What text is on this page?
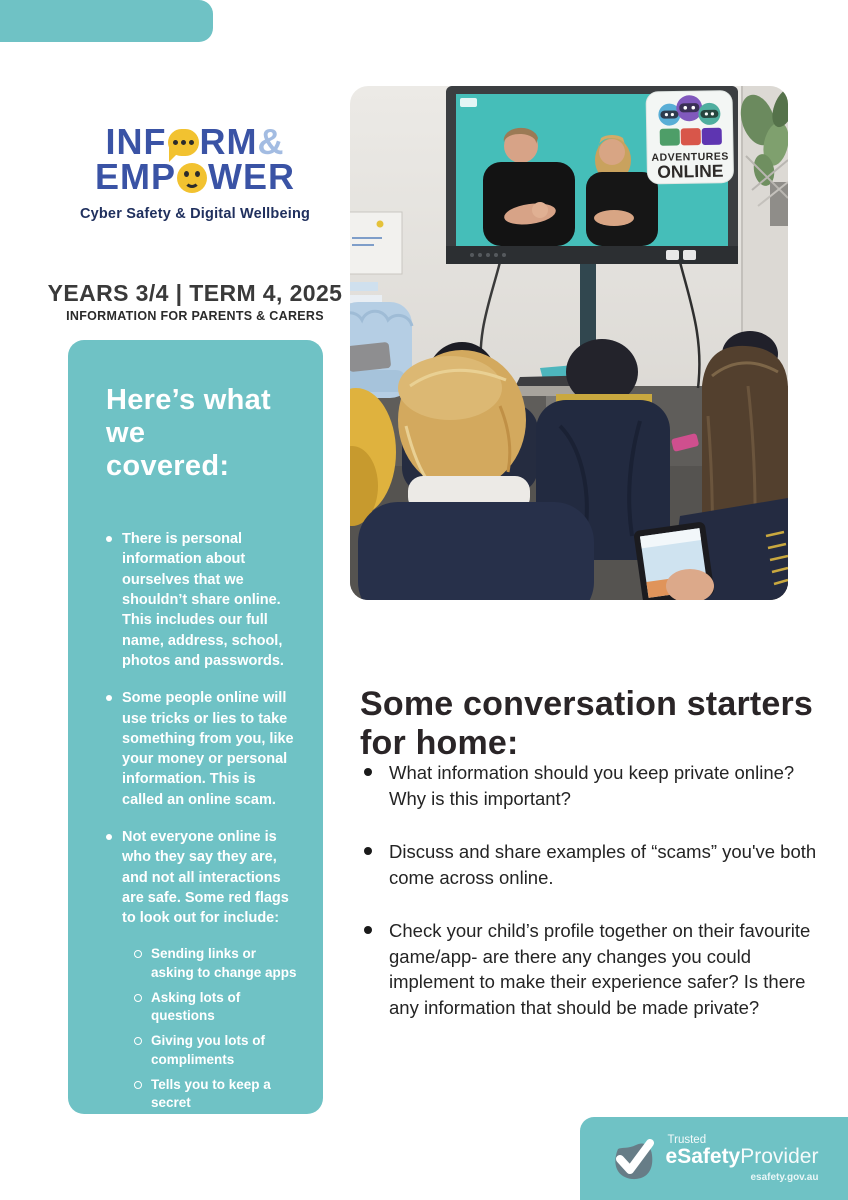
INF RM&
EMP WER
Cyber Safety & Digital Wellbeing
YEARS 3/4 | TERM 4, 2025
INFORMATION FOR PARENTS & CARERS
Here’s what we covered:
There is personal information about ourselves that we shouldn’t share online. This includes our full name, address, school, photos and passwords.
Some people online will use tricks or lies to take something from you, like your money or personal information. This is called an online scam.
Not everyone online is who they say they are, and not all interactions are safe. Some red flags to look out for include:
Sending links or asking to change apps
Asking lots of questions
Giving you lots of compliments
Tells you to keep a secret
ADVENTURES
ONLINE
Some conversation starters for home:
What information should you keep private online? Why is this important?
Discuss and share examples of “scams” you've both come across online.
Check your child’s profile together on their favourite game/app- are there any changes you could implement to make their experience safer? Is there any information that should be made private?
Trusted
eSafetyProvider
esafety.gov.au
